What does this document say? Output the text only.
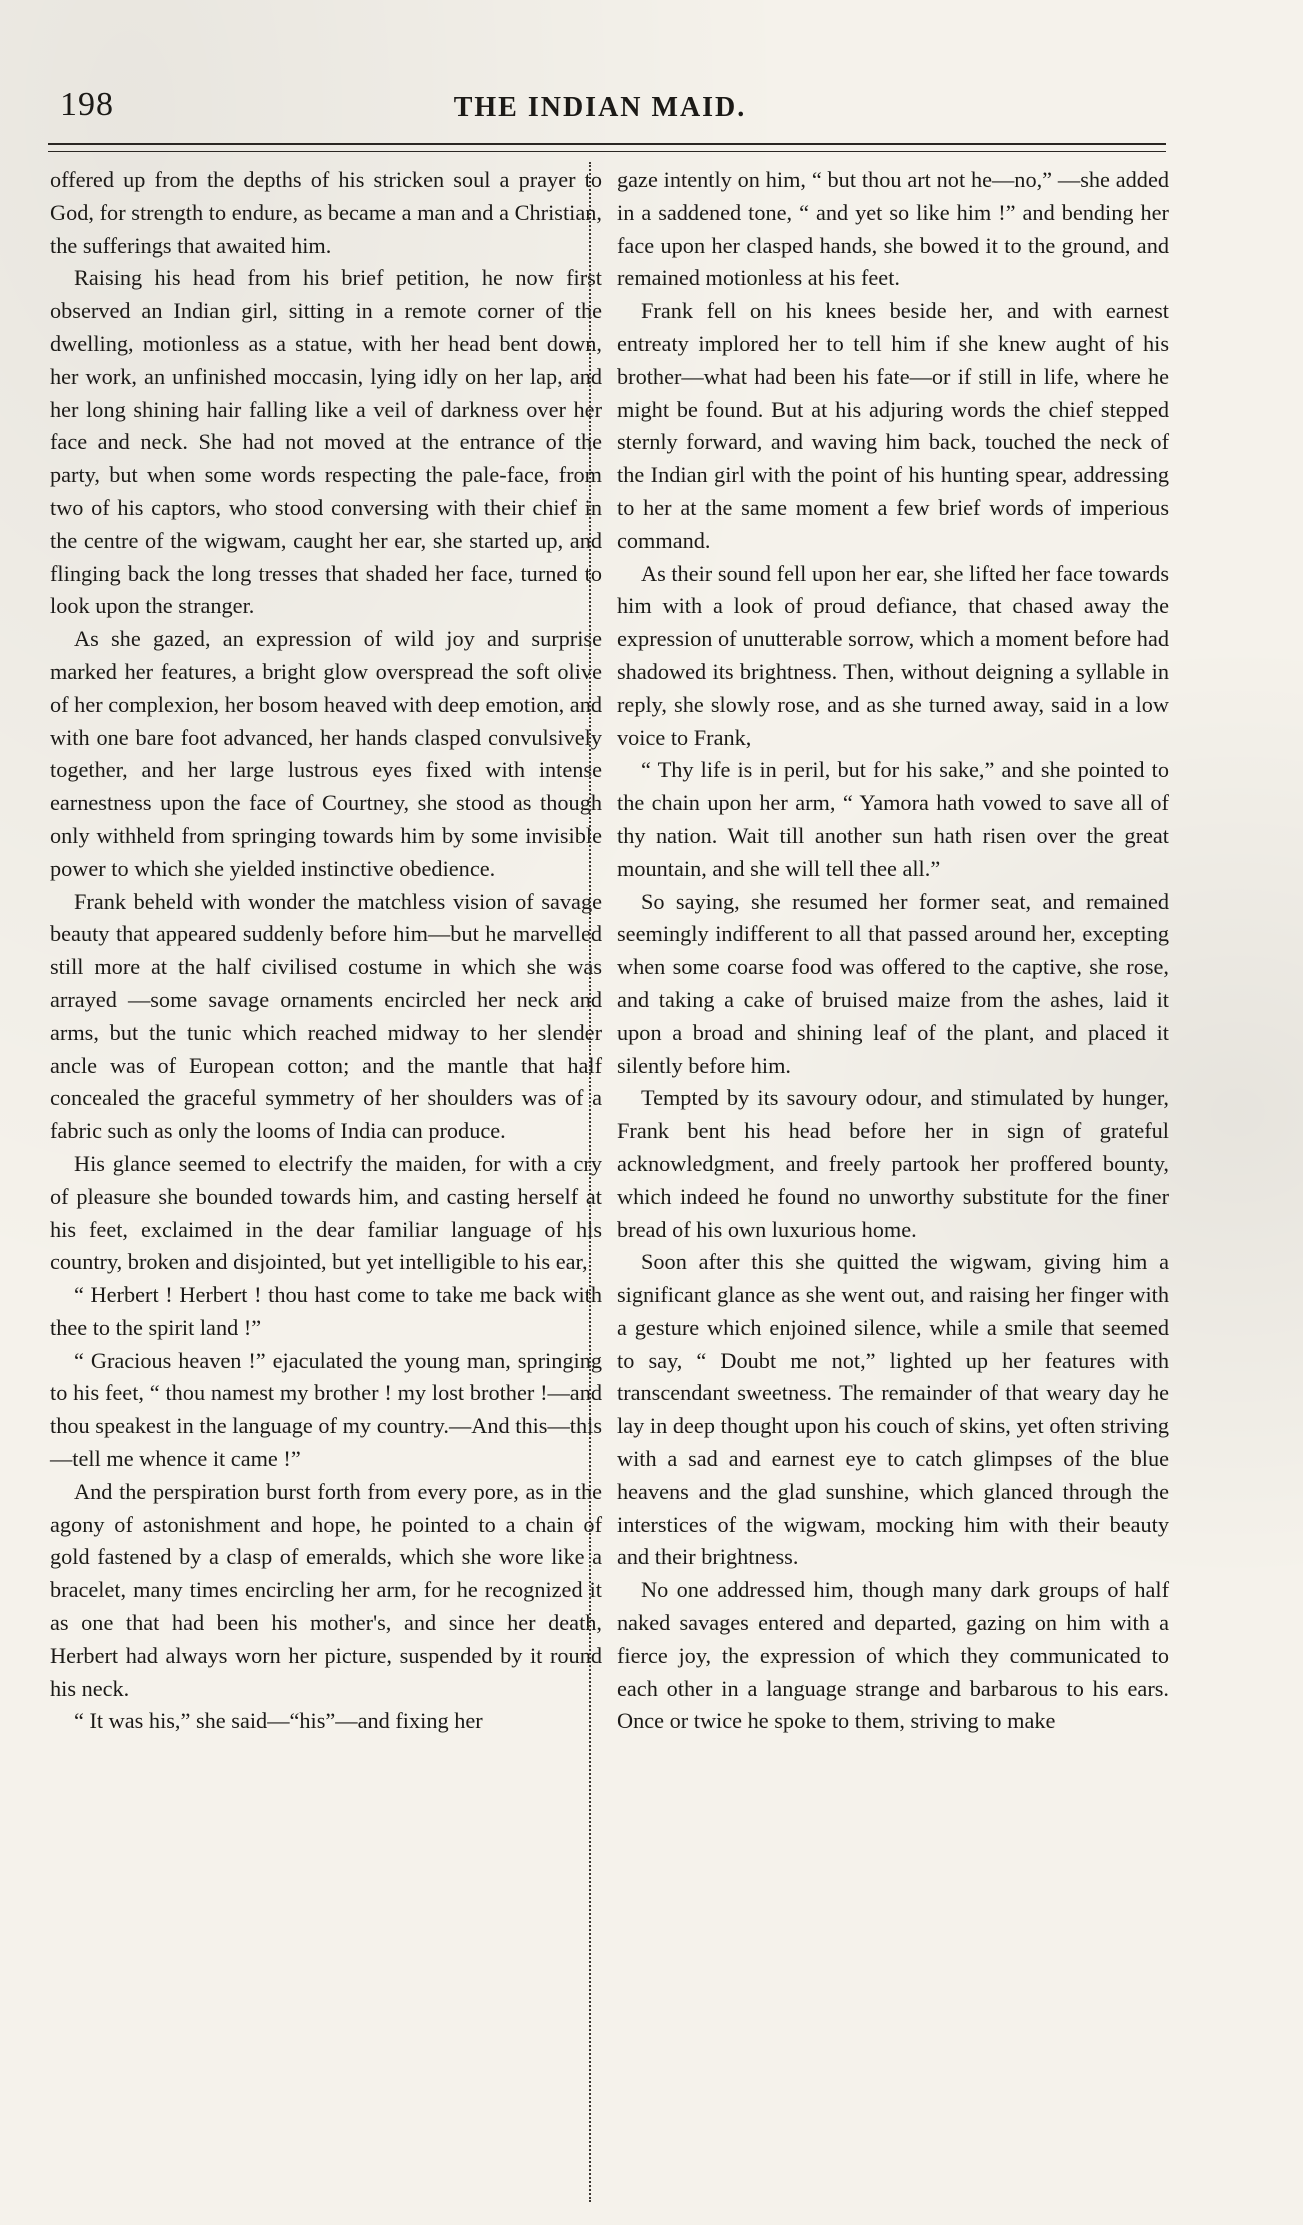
198	THE INDIAN MAID.

offered up from the depths of his stricken soul a prayer to God, for strength to endure, as became a man and a Christian, the sufferings that awaited him.

Raising his head from his brief petition, he now first observed an Indian girl, sitting in a remote corner of the dwelling, motionless as a statue, with her head bent down, her work, an unfinished moccasin, lying idly on her lap, and her long shining hair falling like a veil of darkness over her face and neck. She had not moved at the entrance of the party, but when some words respecting the pale-face, from two of his captors, who stood conversing with their chief in the centre of the wigwam, caught her ear, she started up, and flinging back the long tresses that shaded her face, turned to look upon the stranger.

As she gazed, an expression of wild joy and surprise marked her features, a bright glow overspread the soft olive of her complexion, her bosom heaved with deep emotion, and with one bare foot advanced, her hands clasped convulsively together, and her large lustrous eyes fixed with intense earnestness upon the face of Courtney, she stood as though only withheld from springing towards him by some invisible power to which she yielded instinctive obedience.

Frank beheld with wonder the matchless vision of savage beauty that appeared suddenly before him—but he marvelled still more at the half civilised costume in which she was arrayed —some savage ornaments encircled her neck and arms, but the tunic which reached midway to her slender ancle was of European cotton; and the mantle that half concealed the graceful symmetry of her shoulders was of a fabric such as only the looms of India can produce.

His glance seemed to electrify the maiden, for with a cry of pleasure she bounded towards him, and casting herself at his feet, exclaimed in the dear familiar language of his country, broken and disjointed, but yet intelligible to his ear,

“ Herbert ! Herbert ! thou hast come to take me back with thee to the spirit land !”

“ Gracious heaven !” ejaculated the young man, springing to his feet, “ thou namest my brother ! my lost brother !—and thou speakest in the language of my country.—And this—this —tell me whence it came !”

And the perspiration burst forth from every pore, as in the agony of astonishment and hope, he pointed to a chain of gold fastened by a clasp of emeralds, which she wore like a bracelet, many times encircling her arm, for he recognized it as one that had been his mother's, and since her death, Herbert had always worn her picture, suspended by it round his neck.

“ It was his,” she said—“his”—and fixing her

gaze intently on him, “ but thou art not he—no,” —she added in a saddened tone, “ and yet so like him !” and bending her face upon her clasped hands, she bowed it to the ground, and remained motionless at his feet.

Frank fell on his knees beside her, and with earnest entreaty implored her to tell him if she knew aught of his brother—what had been his fate—or if still in life, where he might be found. But at his adjuring words the chief stepped sternly forward, and waving him back, touched the neck of the Indian girl with the point of his hunting spear, addressing to her at the same moment a few brief words of imperious command.

As their sound fell upon her ear, she lifted her face towards him with a look of proud defiance, that chased away the expression of unutterable sorrow, which a moment before had shadowed its brightness. Then, without deigning a syllable in reply, she slowly rose, and as she turned away, said in a low voice to Frank,

“ Thy life is in peril, but for his sake,” and she pointed to the chain upon her arm, “ Yamora hath vowed to save all of thy nation. Wait till another sun hath risen over the great mountain, and she will tell thee all.”

So saying, she resumed her former seat, and remained seemingly indifferent to all that passed around her, excepting when some coarse food was offered to the captive, she rose, and taking a cake of bruised maize from the ashes, laid it upon a broad and shining leaf of the plant, and placed it silently before him.

Tempted by its savoury odour, and stimulated by hunger, Frank bent his head before her in sign of grateful acknowledgment, and freely partook her proffered bounty, which indeed he found no unworthy substitute for the finer bread of his own luxurious home.

Soon after this she quitted the wigwam, giving him a significant glance as she went out, and raising her finger with a gesture which enjoined silence, while a smile that seemed to say, “ Doubt me not,” lighted up her features with transcendant sweetness. The remainder of that weary day he lay in deep thought upon his couch of skins, yet often striving with a sad and earnest eye to catch glimpses of the blue heavens and the glad sunshine, which glanced through the interstices of the wigwam, mocking him with their beauty and their brightness.

No one addressed him, though many dark groups of half naked savages entered and departed, gazing on him with a fierce joy, the expression of which they communicated to each other in a language strange and barbarous to his ears. Once or twice he spoke to them, striving to make
